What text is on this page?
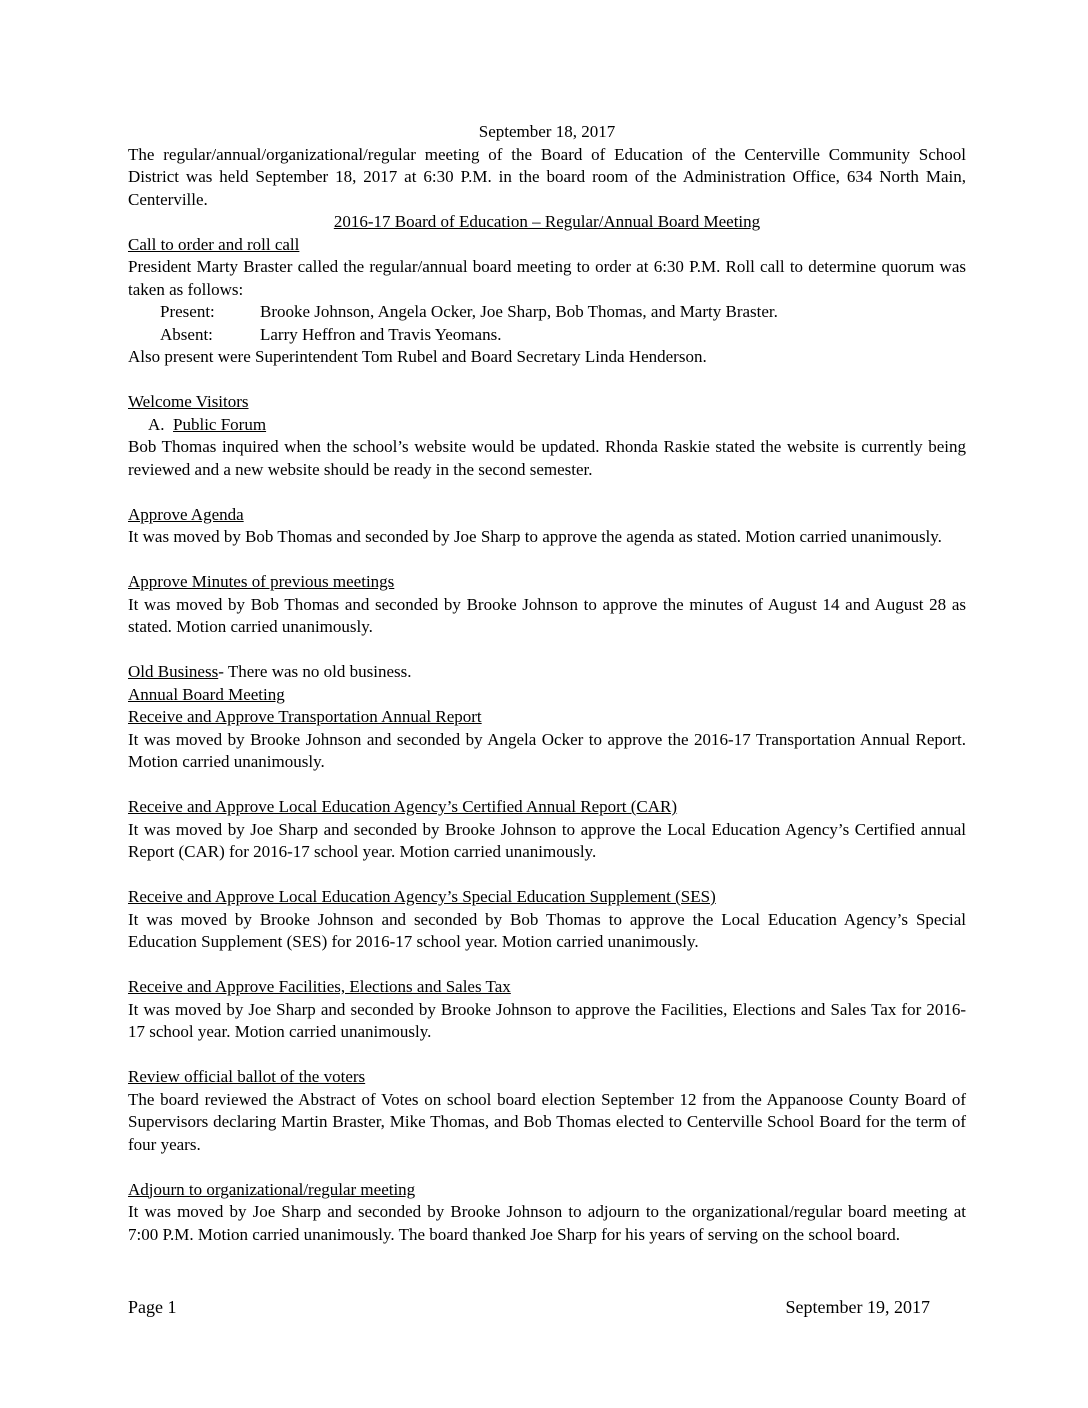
September 18, 2017
The regular/annual/organizational/regular meeting of the Board of Education of the Centerville Community School District was held September 18, 2017 at 6:30 P.M. in the board room of the Administration Office, 634 North Main, Centerville.
2016-17 Board of Education – Regular/Annual Board Meeting
Call to order and roll call
President Marty Braster called the regular/annual board meeting to order at 6:30 P.M. Roll call to determine quorum was taken as follows:
Present:	Brooke Johnson, Angela Ocker, Joe Sharp, Bob Thomas, and Marty Braster.
Absent:	Larry Heffron and Travis Yeomans.
Also present were Superintendent Tom Rubel and Board Secretary Linda Henderson.
Welcome Visitors
A. Public Forum
Bob Thomas inquired when the school’s website would be updated. Rhonda Raskie stated the website is currently being reviewed and a new website should be ready in the second semester.
Approve Agenda
It was moved by Bob Thomas and seconded by Joe Sharp to approve the agenda as stated. Motion carried unanimously.
Approve Minutes of previous meetings
It was moved by Bob Thomas and seconded by Brooke Johnson to approve the minutes of August 14 and August 28 as stated. Motion carried unanimously.
Old Business- There was no old business.
Annual Board Meeting
Receive and Approve Transportation Annual Report
It was moved by Brooke Johnson and seconded by Angela Ocker to approve the 2016-17 Transportation Annual Report. Motion carried unanimously.
Receive and Approve Local Education Agency’s Certified Annual Report (CAR)
It was moved by Joe Sharp and seconded by Brooke Johnson to approve the Local Education Agency’s Certified annual Report (CAR) for 2016-17 school year. Motion carried unanimously.
Receive and Approve Local Education Agency’s Special Education Supplement (SES)
It was moved by Brooke Johnson and seconded by Bob Thomas to approve the Local Education Agency’s Special Education Supplement (SES) for 2016-17 school year. Motion carried unanimously.
Receive and Approve Facilities, Elections and Sales Tax
It was moved by Joe Sharp and seconded by Brooke Johnson to approve the Facilities, Elections and Sales Tax for 2016-17 school year. Motion carried unanimously.
Review official ballot of the voters
The board reviewed the Abstract of Votes on school board election September 12 from the Appanoose County Board of Supervisors declaring Martin Braster, Mike Thomas, and Bob Thomas elected to Centerville School Board for the term of four years.
Adjourn to organizational/regular meeting
It was moved by Joe Sharp and seconded by Brooke Johnson to adjourn to the organizational/regular board meeting at 7:00 P.M. Motion carried unanimously. The board thanked Joe Sharp for his years of serving on the school board.
Page 1	September 19, 2017
